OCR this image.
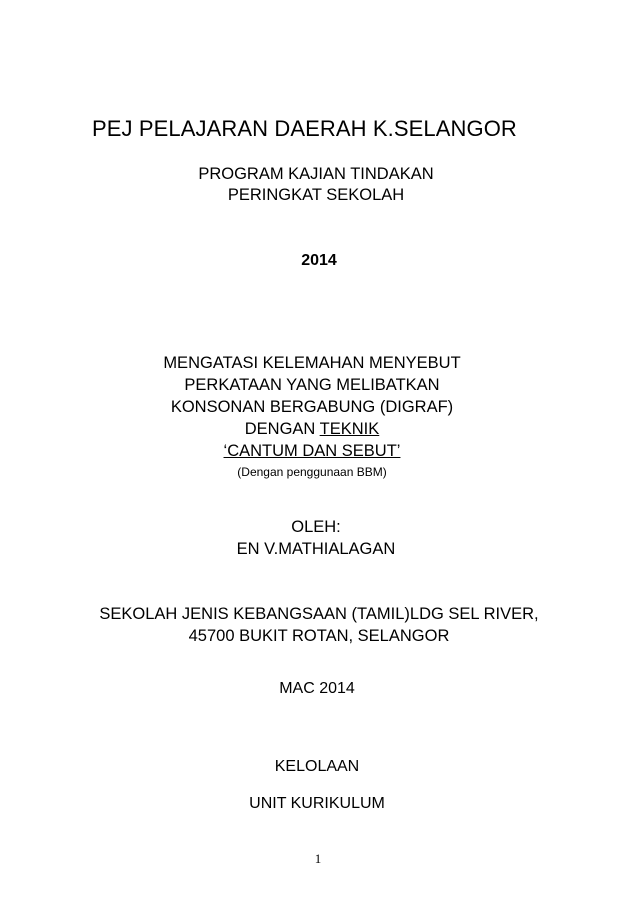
PEJ PELAJARAN DAERAH K.SELANGOR
PROGRAM KAJIAN TINDAKAN
PERINGKAT SEKOLAH
2014
MENGATASI KELEMAHAN MENYEBUT
PERKATAAN YANG MELIBATKAN
KONSONAN BERGABUNG (DIGRAF)
DENGAN TEKNIK
‘CANTUM DAN SEBUT’
(Dengan penggunaan BBM)
OLEH:
EN V.MATHIALAGAN
SEKOLAH JENIS KEBANGSAAN (TAMIL)LDG SEL RIVER,
45700 BUKIT ROTAN, SELANGOR
MAC 2014
KELOLAAN
UNIT KURIKULUM
1
